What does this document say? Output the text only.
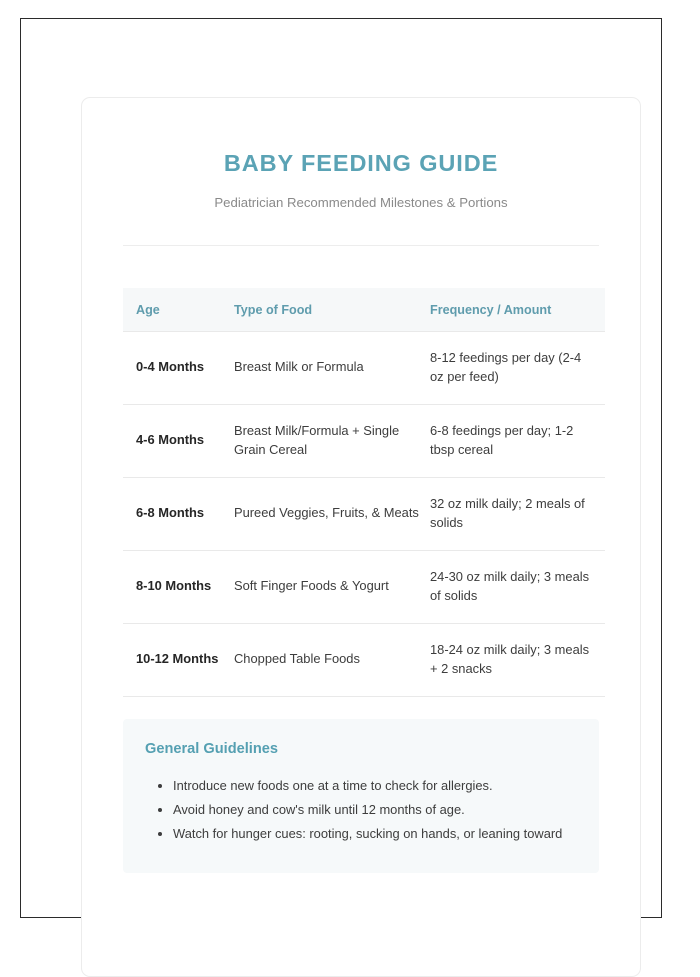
BABY FEEDING GUIDE

Pediatrician Recommended Milestones & Portions

Age	Type of Food	Frequency / Amount
0-4 Months	Breast Milk or Formula	8-12 feedings per day (2-4 oz per feed)
4-6 Months	Breast Milk/Formula + Single Grain Cereal	6-8 feedings per day; 1-2 tbsp cereal
6-8 Months	Pureed Veggies, Fruits, & Meats	32 oz milk daily; 2 meals of solids
8-10 Months	Soft Finger Foods & Yogurt	24-30 oz milk daily; 3 meals of solids
10-12 Months	Chopped Table Foods	18-24 oz milk daily; 3 meals + 2 snacks
General Guidelines
• Introduce new foods one at a time to check for allergies.
• Avoid honey and cow's milk until 12 months of age.
• Watch for hunger cues: rooting, sucking on hands, or leaning toward
